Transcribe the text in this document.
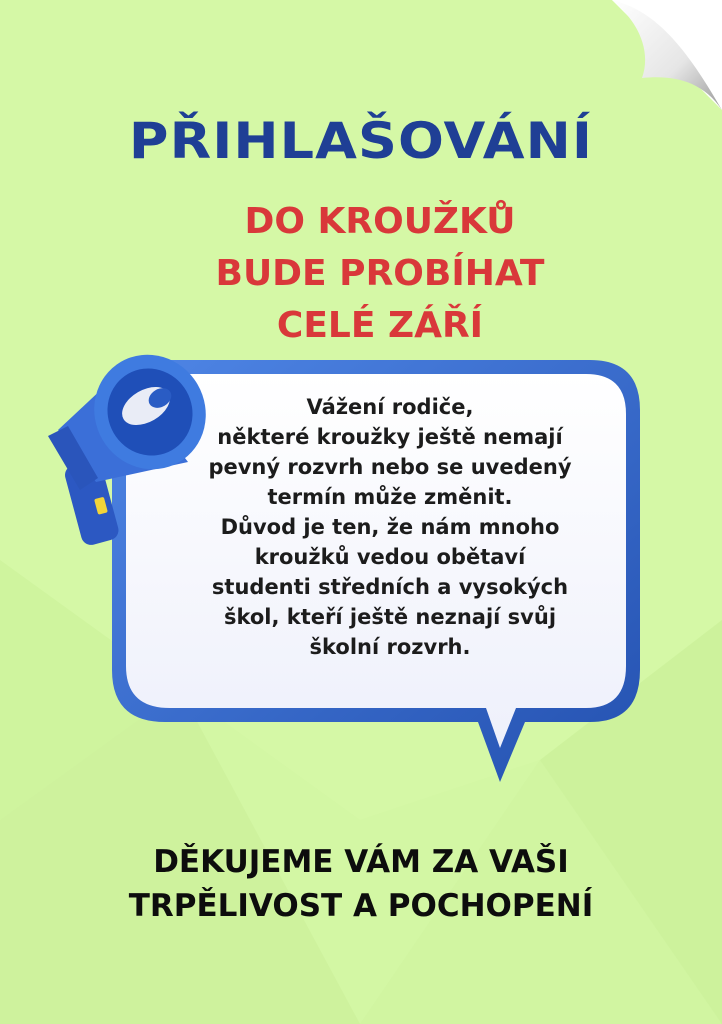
PŘIHLAŠOVÁNÍ
DO KROUŽKŮ
BUDE PROBÍHAT
CELÉ ZÁŘÍ
Vážení rodiče,
některé kroužky ještě nemají
pevný rozvrh nebo se uvedený
termín může změnit.
Důvod je ten, že nám mnoho
kroužků vedou obětaví
studenti středních a vysokých
škol, kteří ještě neznají svůj
školní rozvrh.
DĚKUJEME VÁM ZA VAŠI
TRPĚLIVOST A POCHOPENÍ
